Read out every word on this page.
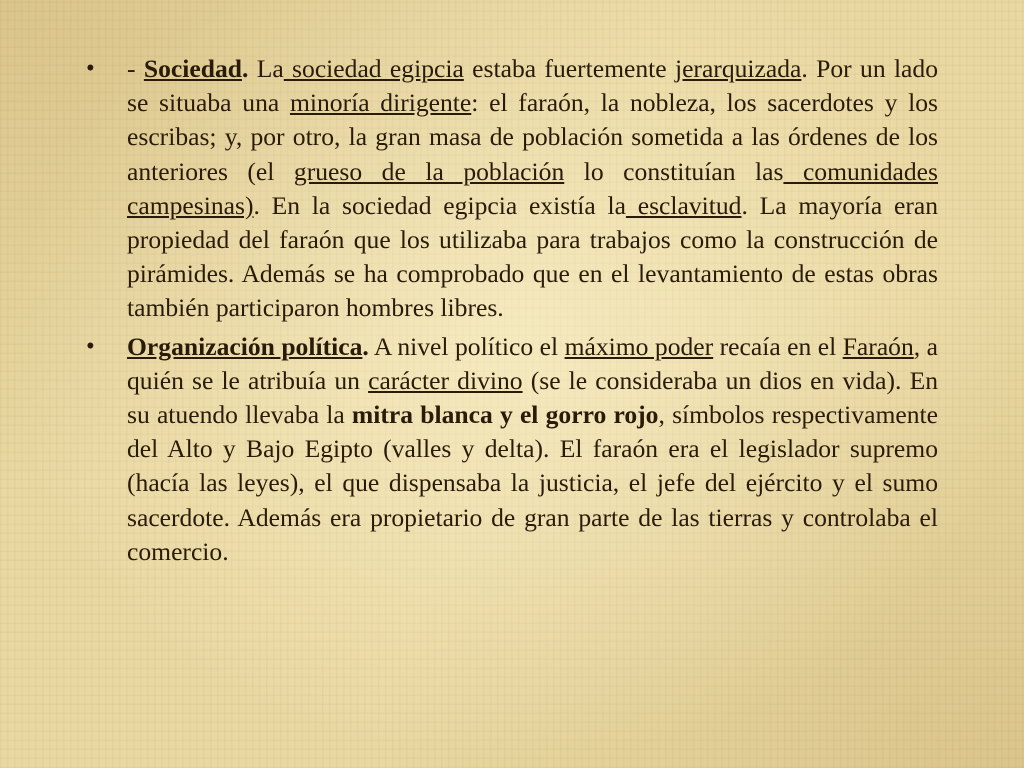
• - Sociedad. La sociedad egipcia estaba fuertemente jerarquizada. Por un lado se situaba una minoría dirigente: el faraón, la nobleza, los sacerdotes y los escribas; y, por otro, la gran masa de población sometida a las órdenes de los anteriores (el grueso de la población lo constituían las comunidades campesinas). En la sociedad egipcia existía la esclavitud. La mayoría eran propiedad del faraón que los utilizaba para trabajos como la construcción de pirámides. Además se ha comprobado que en el levantamiento de estas obras también participaron hombres libres.

• Organización política. A nivel político el máximo poder recaía en el Faraón, a quién se le atribuía un carácter divino (se le consideraba un dios en vida). En su atuendo llevaba la mitra blanca y el gorro rojo, símbolos respectivamente del Alto y Bajo Egipto (valles y delta). El faraón era el legislador supremo (hacía las leyes), el que dispensaba la justicia, el jefe del ejército y el sumo sacerdote. Además era propietario de gran parte de las tierras y controlaba el comercio.
